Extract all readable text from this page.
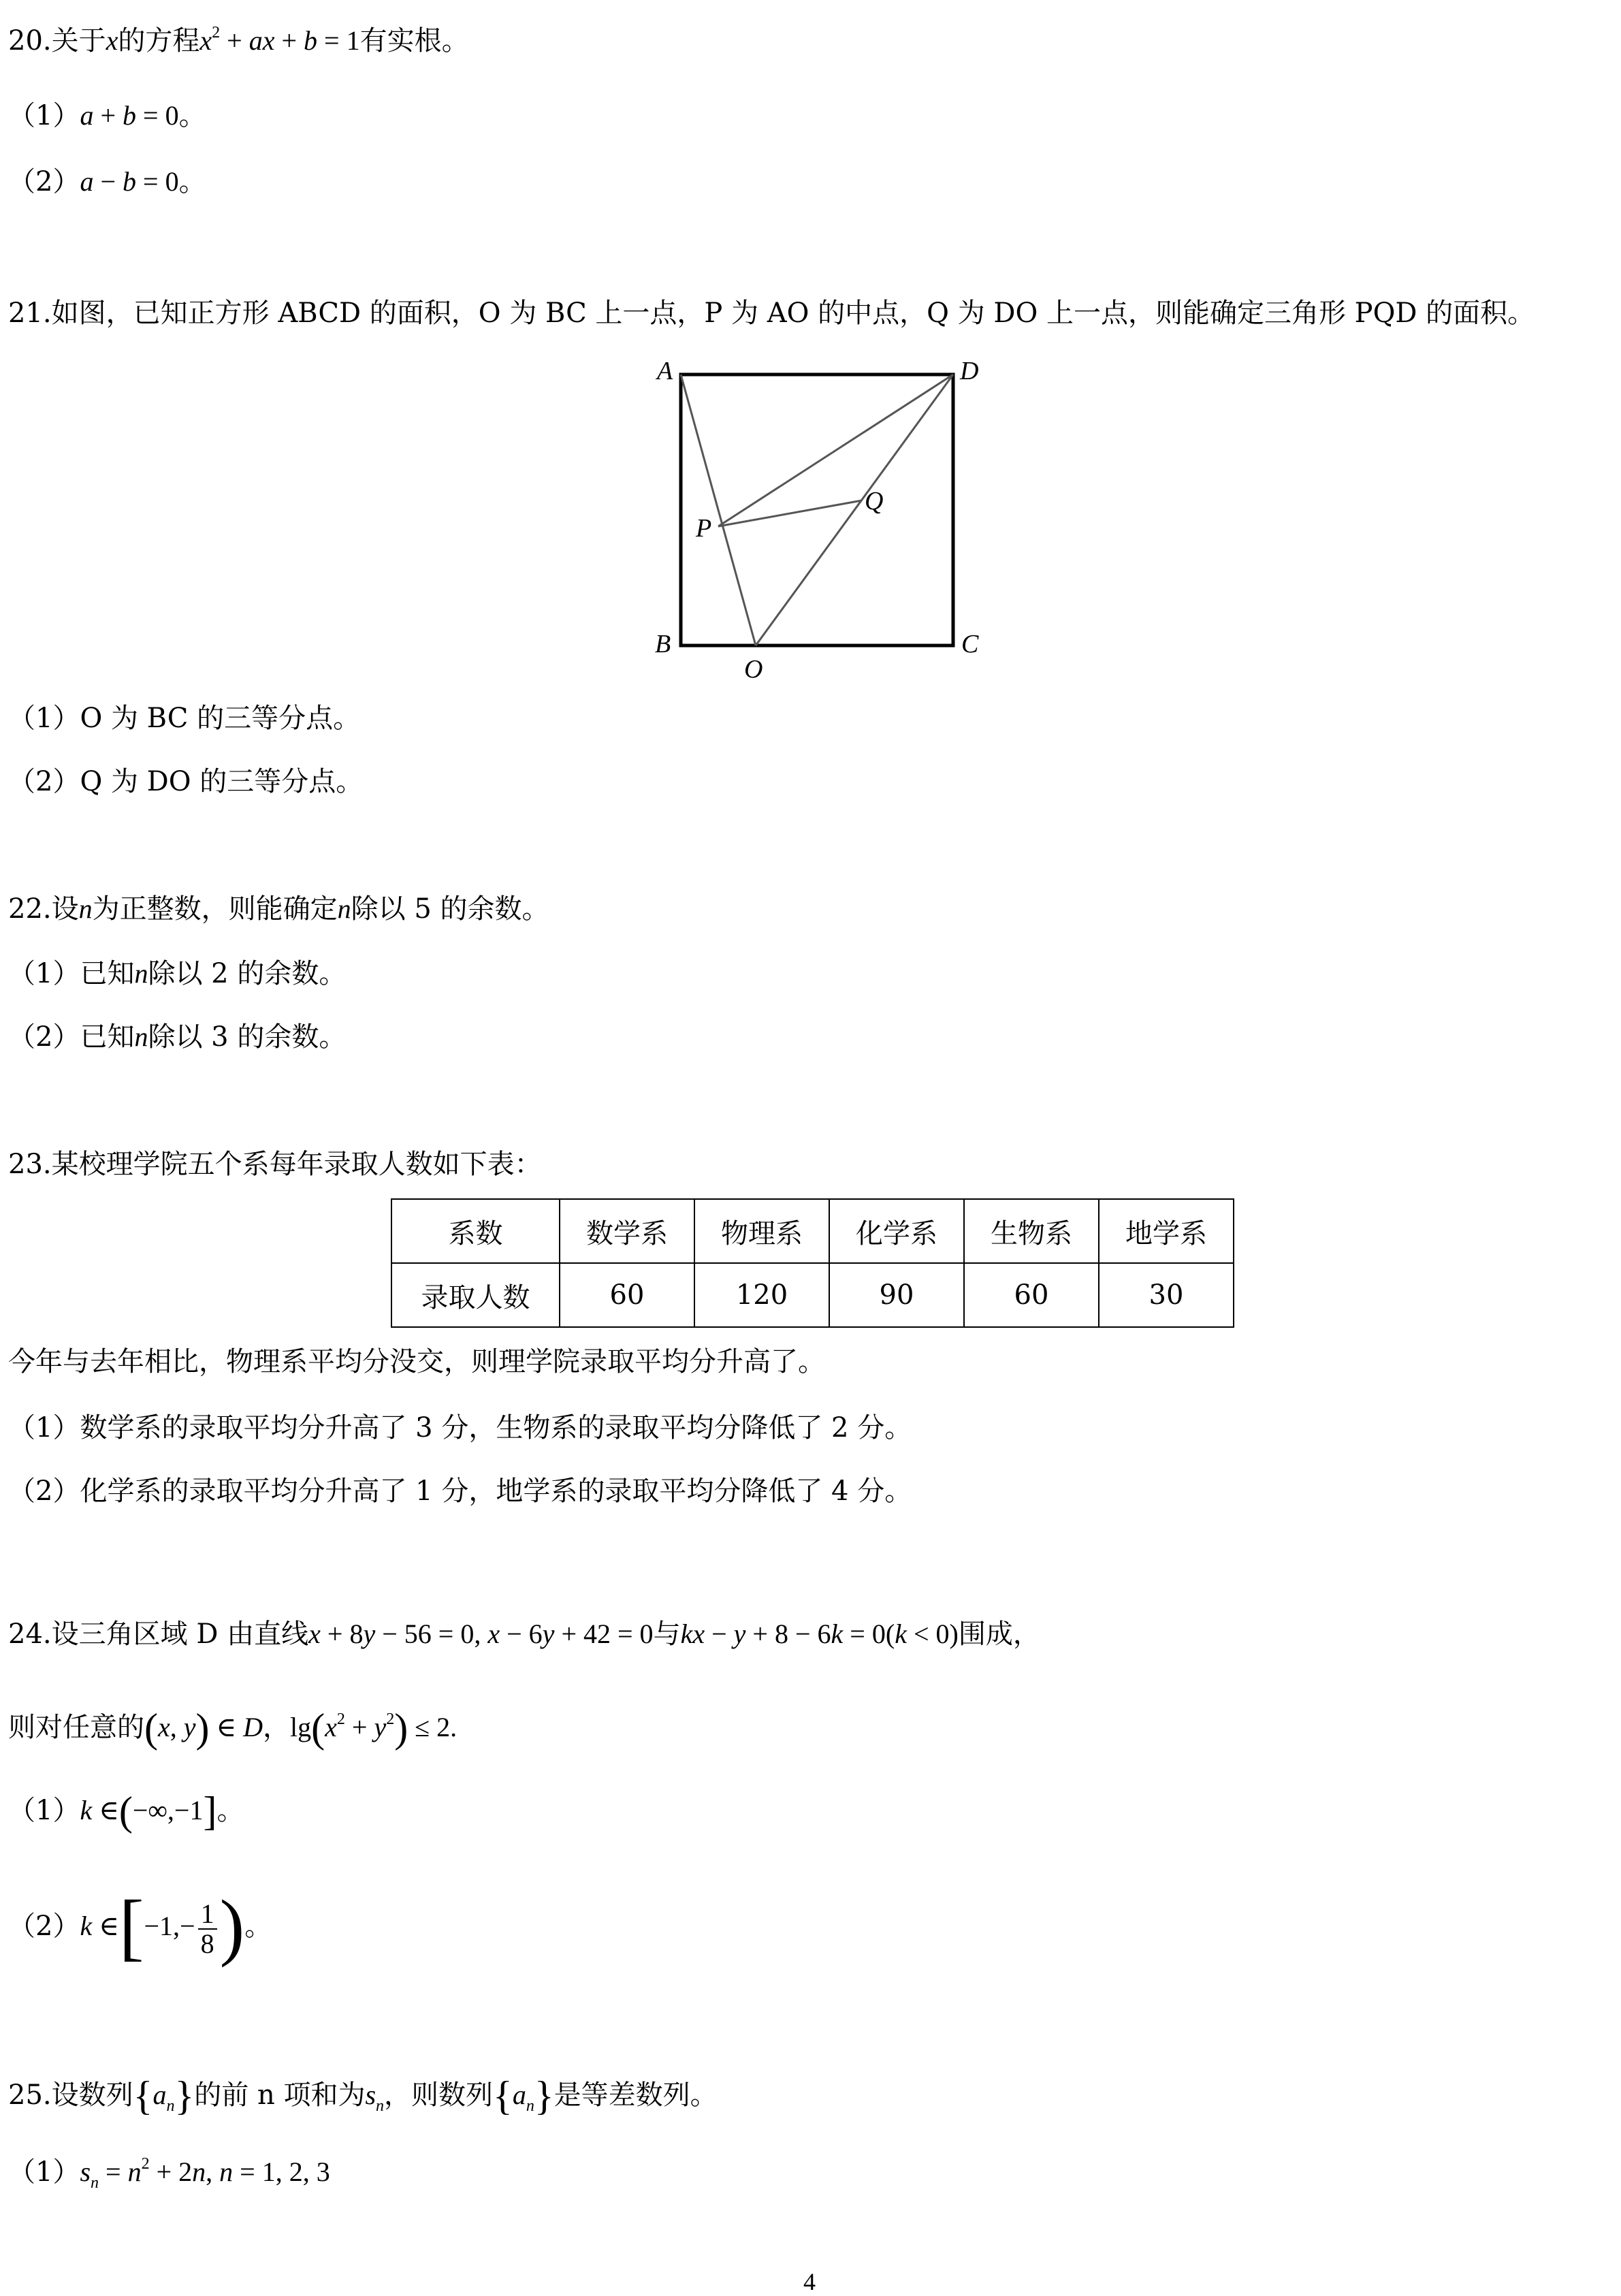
20.关于x的方程$x^2$ + ax + b = 1有实根。
（1）a + b = 0。
（2）a − b = 0。
21.如图，已知正方形 ABCD 的面积，O 为 BC 上一点，P 为 AO 的中点，Q 为 DO 上一点，则能确定三角形 PQD 的面积。
A	D
B	C
O
P
Q
（1）O 为 BC 的三等分点。
（2）Q 为 DO 的三等分点。
22.设n为正整数，则能确定n除以 5 的余数。
（1）已知n除以 2 的余数。
（2）已知n除以 3 的余数。
23.某校理学院五个系每年录取人数如下表：
系数	数学系	物理系	化学系	生物系	地学系
录取人数	60	120	90	60	30
今年与去年相比，物理系平均分没交，则理学院录取平均分升高了。
（1）数学系的录取平均分升高了 3 分，生物系的录取平均分降低了 2 分。
（2）化学系的录取平均分升高了 1 分，地学系的录取平均分降低了 4 分。
24.设三角区域 D 由直线x + 8y − 56 = 0, x − 6y + 42 = 0与kx − y + 8 − 6k = 0(k < 0)围成，
则对任意的(x, y) ∈ D，$\lg(x^2 + y^2) \le 2$.
（1）k ∈(−∞,−1]。
（2）k ∈[−1,− $\frac{1}{8}$ )。
25.设数列$\{a_n\}$的前 n 项和为$s_n$，则数列$\{a_n\}$是等差数列。
$(1)s_n = n^2 + 2n$, n = 1, 2, 3
4
